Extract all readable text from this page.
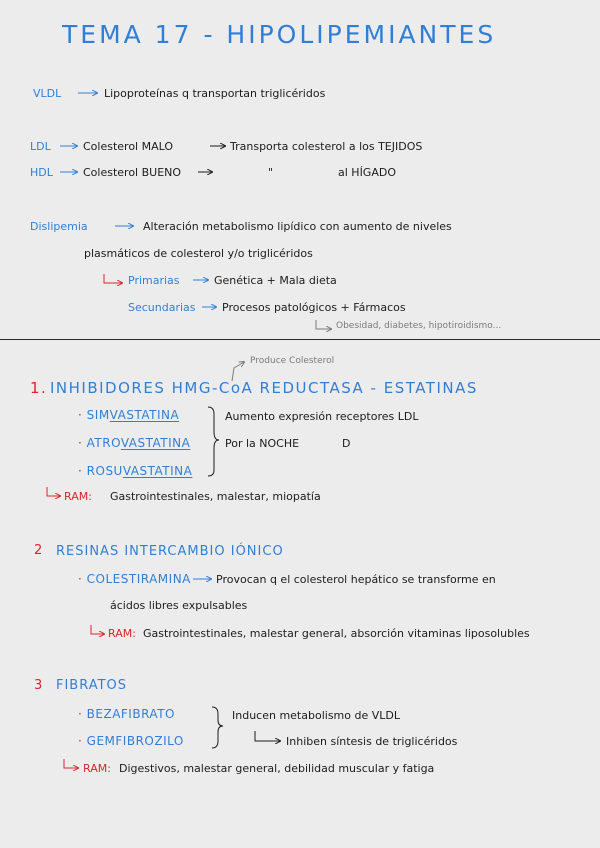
TEMA 17 - HIPOLIPEMIANTES
VLDL	Lipoproteínas q transportan triglicéridos
LDL	Colesterol MALO	Transporta colesterol a los TEJIDOS
HDL	Colesterol BUENO	"	al HÍGADO
Dislipemia	Alteración metabolismo lipídico con aumento de niveles
plasmáticos de colesterol y/o triglicéridos
Primarias	Genética + Mala dieta
Secundarias Procesos patológicos + Fármacos
Obesidad, diabetes, hipotiroidismo...
Produce Colesterol
1. INHIBIDORES HMG-CoA REDUCTASA - ESTATINAS
· SIMVASTATINA
· ATROVASTATINA
· ROSUVASTATINA
Aumento expresión receptores LDL
Por la NOCHE	D
RAM: Gastrointestinales, malestar, miopatía
2 RESINAS INTERCAMBIO IÓNICO
· COLESTIRAMINA Provocan q el colesterol hepático se transforme en
ácidos libres expulsables
RAM: Gastrointestinales, malestar general, absorción vitaminas liposolubles
3 FIBRATOS
· BEZAFIBRATO
· GEMFIBROZILO
Inducen metabolismo de VLDL
Inhiben síntesis de triglicéridos
RAM: Digestivos, malestar general, debilidad muscular y fatiga
